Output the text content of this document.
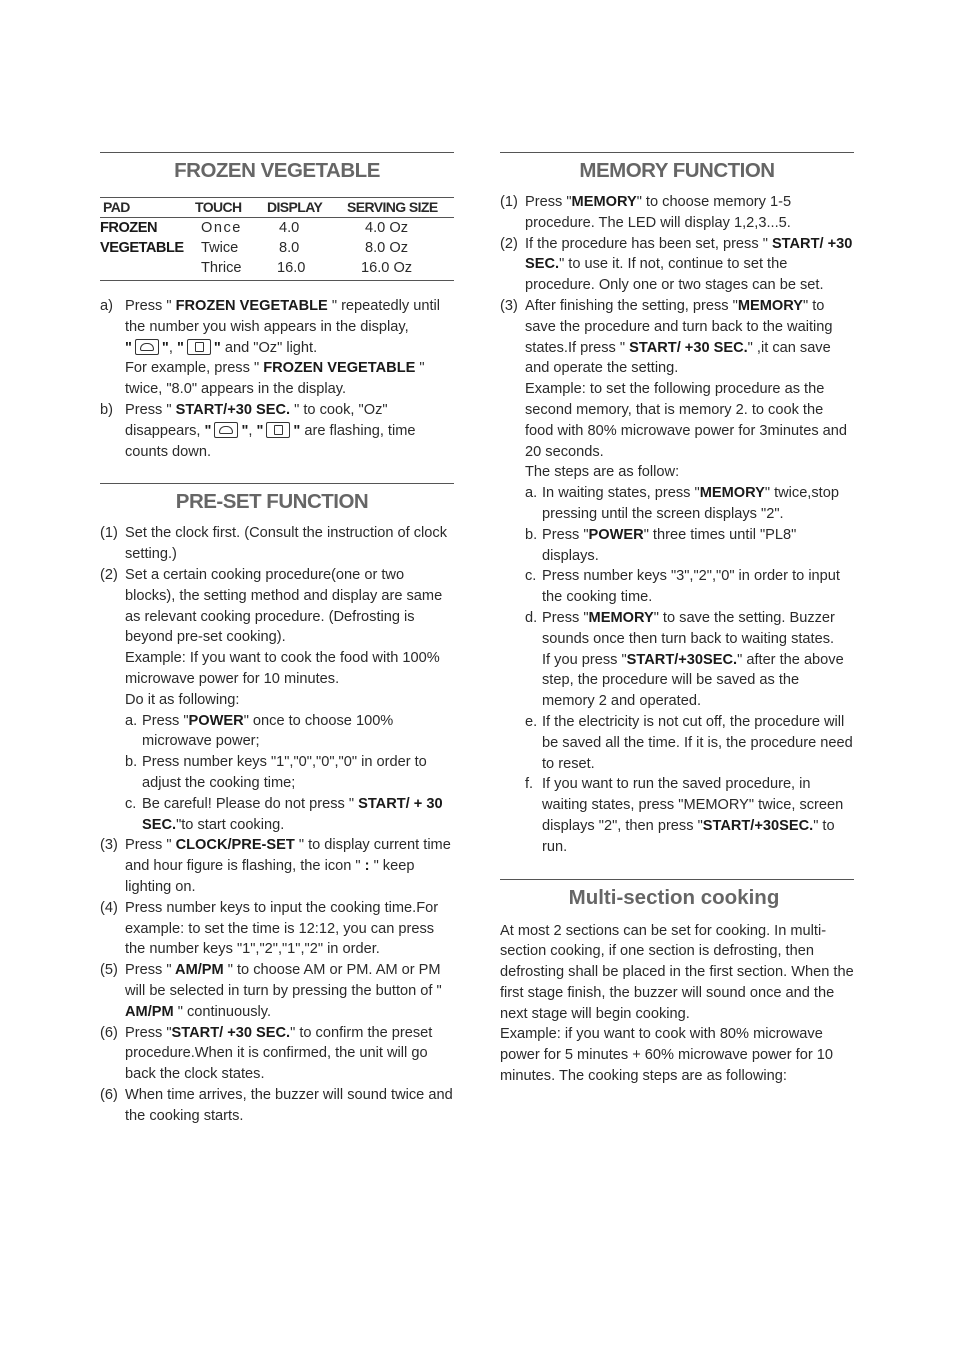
FROZEN VEGETABLE
PAD	TOUCH	DISPLAY	SERVING SIZE

FROZEN
VEGETABLE	Once	4.0	4.0 Oz
	Twice	8.0	8.0 Oz
	Thrice	16.0	16.0 Oz
a) Press " FROZEN VEGETABLE " repeatedly until the number you wish appears in the display,
" ", " " and "Oz" light.
For example, press " FROZEN VEGETABLE " twice, "8.0" appears in the display.
b) Press " START/+30 SEC. " to cook, "Oz" disappears, " ", " " are flashing, time counts down.
PRE-SET FUNCTION
(1) Set the clock first. (Consult the instruction of clock setting.)
(2) Set a certain cooking procedure(one or two blocks), the setting method and display are same as relevant cooking procedure. (Defrosting is beyond pre-set cooking).

Example: If you want to cook the food with 100% microwave power for 10 minutes.

Do it as following:

a. Press "POWER" once to choose 100% microwave power;
b. Press number keys "1","0","0","0" in order to adjust the cooking time;
c. Be careful! Please do not press " START/ + 30 SEC."to start cooking.
(3) Press " CLOCK/PRE-SET " to display current time and hour figure is flashing, the icon " : " keep lighting on.
(4) Press number keys to input the cooking time.For example: to set the time is 12:12, you can press the number keys "1","2","1","2" in order.
(5) Press " AM/PM " to choose AM or PM. AM or PM will be selected in turn by pressing the button of " AM/PM " continuously.
(6) Press "START/ +30 SEC." to confirm the preset procedure.When it is confirmed, the unit will go back the clock states.
(6) When time arrives, the buzzer will sound twice and the cooking starts.
MEMORY FUNCTION
(1) Press "MEMORY" to choose memory 1-5 procedure. The LED will display 1,2,3...5.
(2) If the procedure has been set, press " START/ +30 SEC." to use it. If not, continue to set the procedure. Only one or two stages can be set.
(3) After finishing the setting, press "MEMORY" to save the procedure and turn back to the waiting states.If press " START/ +30 SEC." ,it can save and operate the setting.

Example: to set the following procedure as the second memory, that is memory 2. to cook the food with 80% microwave power for 3minutes and 20 seconds.

The steps are as follow:

a. In waiting states, press "MEMORY" twice,stop pressing until the screen displays "2".
b. Press "POWER" three times until "PL8" displays.
c. Press number keys "3","2","0" in order to input the cooking time.
d. Press "MEMORY" to save the setting. Buzzer sounds once then turn back to waiting states.
If you press "START/+30SEC." after the above step, the procedure will be saved as the memory 2 and operated.
e. If the electricity is not cut off, the procedure will be saved all the time. If it is, the procedure need to reset.
f. If you want to run the saved procedure, in waiting states, press "MEMORY" twice, screen displays "2", then press "START/+30SEC." to run.
Multi-section cooking

At most 2 sections can be set for cooking. In multi-section cooking, if one section is defrosting, then defrosting shall be placed in the first section. When the first stage finish, the buzzer will sound once and the next stage will begin cooking.

Example: if you want to cook with 80% microwave power for 5 minutes + 60% microwave power for 10 minutes. The cooking steps are as following:
